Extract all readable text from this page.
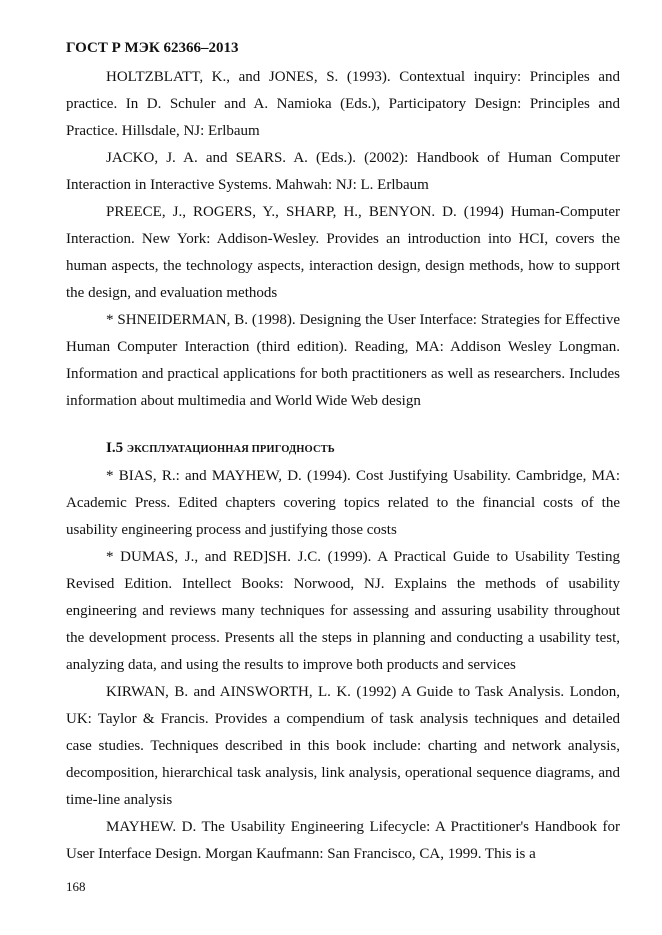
ГОСТ Р МЭК 62366–2013

HOLTZBLATT, K., and JONES, S. (1993). Contextual inquiry: Principles and practice. In D. Schuler and A. Namioka (Eds.), Participatory Design: Principles and Practice. Hillsdale, NJ: Erlbaum

JACKO, J. A. and SEARS. A. (Eds.). (2002): Handbook of Human Computer Interaction in Interactive Systems. Mahwah: NJ: L. Erlbaum

PREECE, J., ROGERS, Y., SHARP, H., BENYON. D. (1994) Human-Computer Interaction. New York: Addison-Wesley. Provides an introduction into HCI, covers the human aspects, the technology aspects, interaction design, design methods, how to support the design, and evaluation methods

* SHNEIDERMAN, B. (1998). Designing the User Interface: Strategies for Effective Human Computer Interaction (third edition). Reading, MA: Addison Wesley Longman. Information and practical applications for both practitioners as well as researchers. Includes information about multimedia and World Wide Web design

I.5 ЭКСПЛУАТАЦИОННАЯ ПРИГОДНОСТЬ

* BIAS, R.: and MAYHEW, D. (1994). Cost Justifying Usability. Cambridge, MA: Academic Press. Edited chapters covering topics related to the financial costs of the usability engineering process and justifying those costs

* DUMAS, J., and RED]SH. J.C. (1999). A Practical Guide to Usability Testing Revised Edition. Intellect Books: Norwood, NJ. Explains the methods of usability engineering and reviews many techniques for assessing and assuring usability throughout the development process. Presents all the steps in planning and conducting a usability test, analyzing data, and using the results to improve both products and services

KIRWAN, B. and AINSWORTH, L. K. (1992) A Guide to Task Analysis. London, UK: Taylor & Francis. Provides a compendium of task analysis techniques and detailed case studies. Techniques described in this book include: charting and network analysis, decomposition, hierarchical task analysis, link analysis, operational sequence diagrams, and time-line analysis

MAYHEW. D. The Usability Engineering Lifecycle: A Practitioner's Handbook for User Interface Design. Morgan Kaufmann: San Francisco, CA, 1999. This is a

168
